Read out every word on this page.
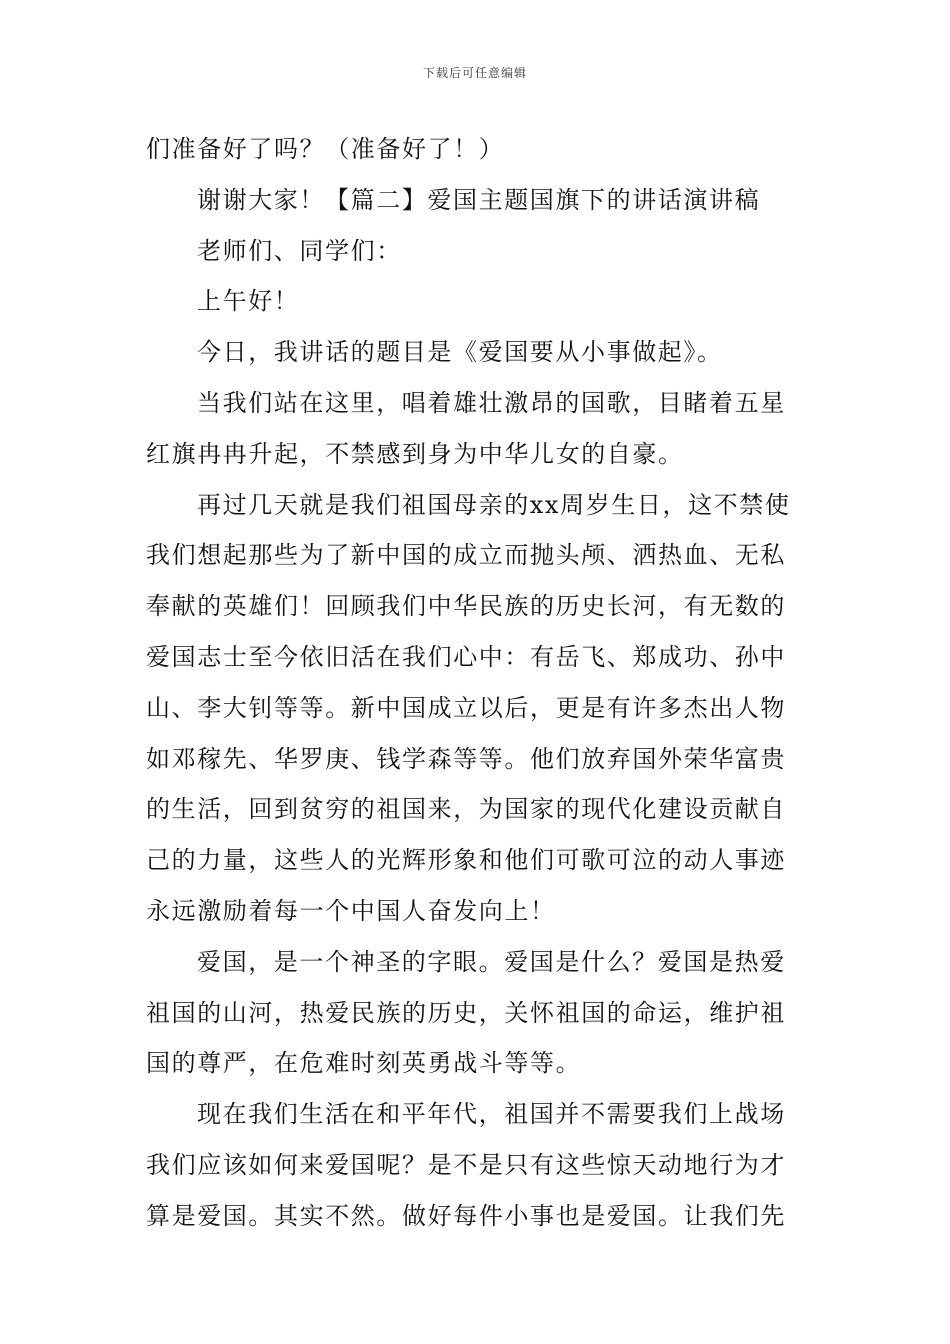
下载后可任意编辑
们准备好了吗？（准备好了！）
谢谢大家！【篇二】爱国主题国旗下的讲话演讲稿
老师们、同学们：
上午好！
今日，我讲话的题目是《爱国要从小事做起》。
当我们站在这里，唱着雄壮激昂的国歌，目睹着五星
红旗冉冉升起，不禁感到身为中华儿女的自豪。
再过几天就是我们祖国母亲的xx周岁生日，这不禁使
我们想起那些为了新中国的成立而抛头颅、洒热血、无私
奉献的英雄们！回顾我们中华民族的历史长河，有无数的
爱国志士至今依旧活在我们心中：有岳飞、郑成功、孙中
山、李大钊等等。新中国成立以后，更是有许多杰出人物
如邓稼先、华罗庚、钱学森等等。他们放弃国外荣华富贵
的生活，回到贫穷的祖国来，为国家的现代化建设贡献自
己的力量，这些人的光辉形象和他们可歌可泣的动人事迹
永远激励着每一个中国人奋发向上！
爱国，是一个神圣的字眼。爱国是什么？爱国是热爱
祖国的山河，热爱民族的历史，关怀祖国的命运，维护祖
国的尊严，在危难时刻英勇战斗等等。
现在我们生活在和平年代，祖国并不需要我们上战场
我们应该如何来爱国呢？是不是只有这些惊天动地行为才
算是爱国。其实不然。做好每件小事也是爱国。让我们先
